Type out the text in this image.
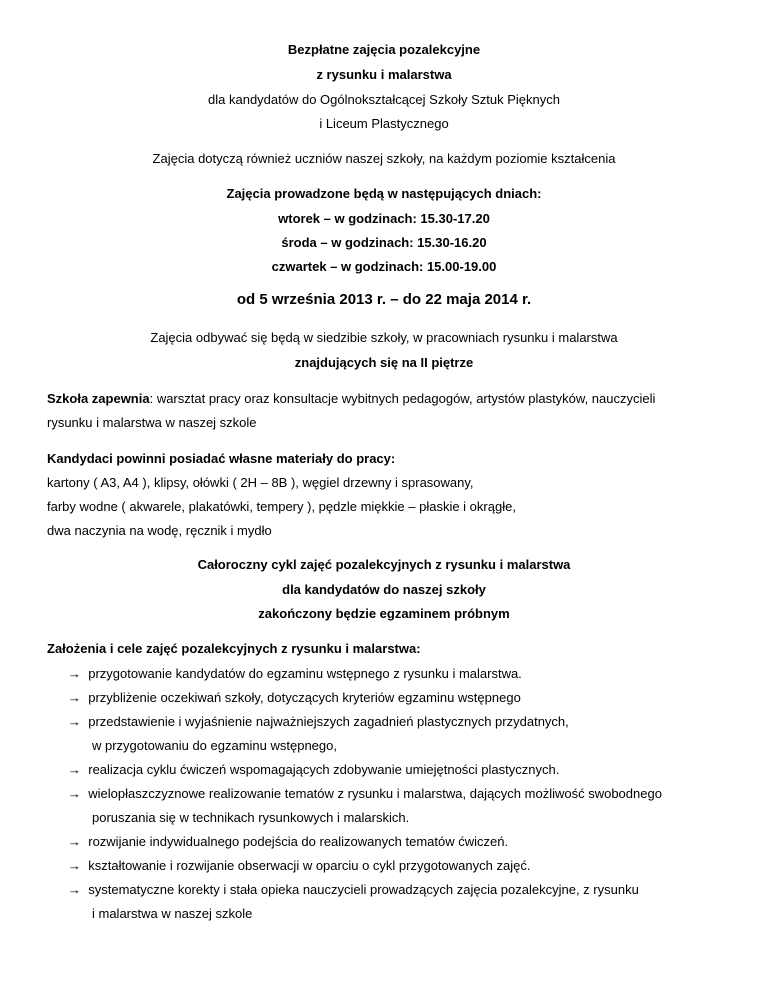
Bezpłatne zajęcia pozalekcyjne
z rysunku i malarstwa
dla kandydatów do Ogólnokształcącej Szkoły Sztuk Pięknych
i Liceum Plastycznego
Zajęcia dotyczą również uczniów naszej szkoły, na każdym poziomie kształcenia
Zajęcia prowadzone będą w następujących dniach:
wtorek – w godzinach: 15.30-17.20
środa – w godzinach: 15.30-16.20
czwartek – w godzinach: 15.00-19.00
od 5 września 2013 r. – do 22 maja 2014 r.
Zajęcia odbywać się będą w siedzibie szkoły, w pracowniach rysunku i malarstwa
znajdujących się na II piętrze
Szkoła zapewnia: warsztat pracy oraz konsultacje wybitnych pedagogów, artystów plastyków, nauczycieli
rysunku i malarstwa w naszej szkole
Kandydaci powinni posiadać własne materiały do pracy:
kartony ( A3, A4 ), klipsy, ołówki ( 2H – 8B ), węgiel drzewny i sprasowany,
farby wodne ( akwarele, plakatówki, tempery ), pędzle miękkie – płaskie i okrągłe,
dwa naczynia na wodę, ręcznik i mydło
Całoroczny cykl zajęć pozalekcyjnych z rysunku i malarstwa
dla kandydatów do naszej szkoły
zakończony będzie egzaminem próbnym
Założenia i cele zajęć pozalekcyjnych z rysunku i malarstwa:
→ przygotowanie kandydatów do egzaminu wstępnego z rysunku i malarstwa.
→ przybliżenie oczekiwań szkoły, dotyczących kryteriów egzaminu wstępnego
→ przedstawienie i wyjaśnienie najważniejszych zagadnień plastycznych przydatnych,
w przygotowaniu do egzaminu wstępnego,
→ realizacja cyklu ćwiczeń wspomagających zdobywanie umiejętności plastycznych.
→ wielopłaszczyznowe realizowanie tematów z rysunku i malarstwa, dających możliwość swobodnego
poruszania się w technikach rysunkowych i malarskich.
→ rozwijanie indywidualnego podejścia do realizowanych tematów ćwiczeń.
→ kształtowanie i rozwijanie obserwacji w oparciu o cykl przygotowanych zajęć.
→ systematyczne korekty i stała opieka nauczycieli prowadzących zajęcia pozalekcyjne, z rysunku
i malarstwa w naszej szkole
